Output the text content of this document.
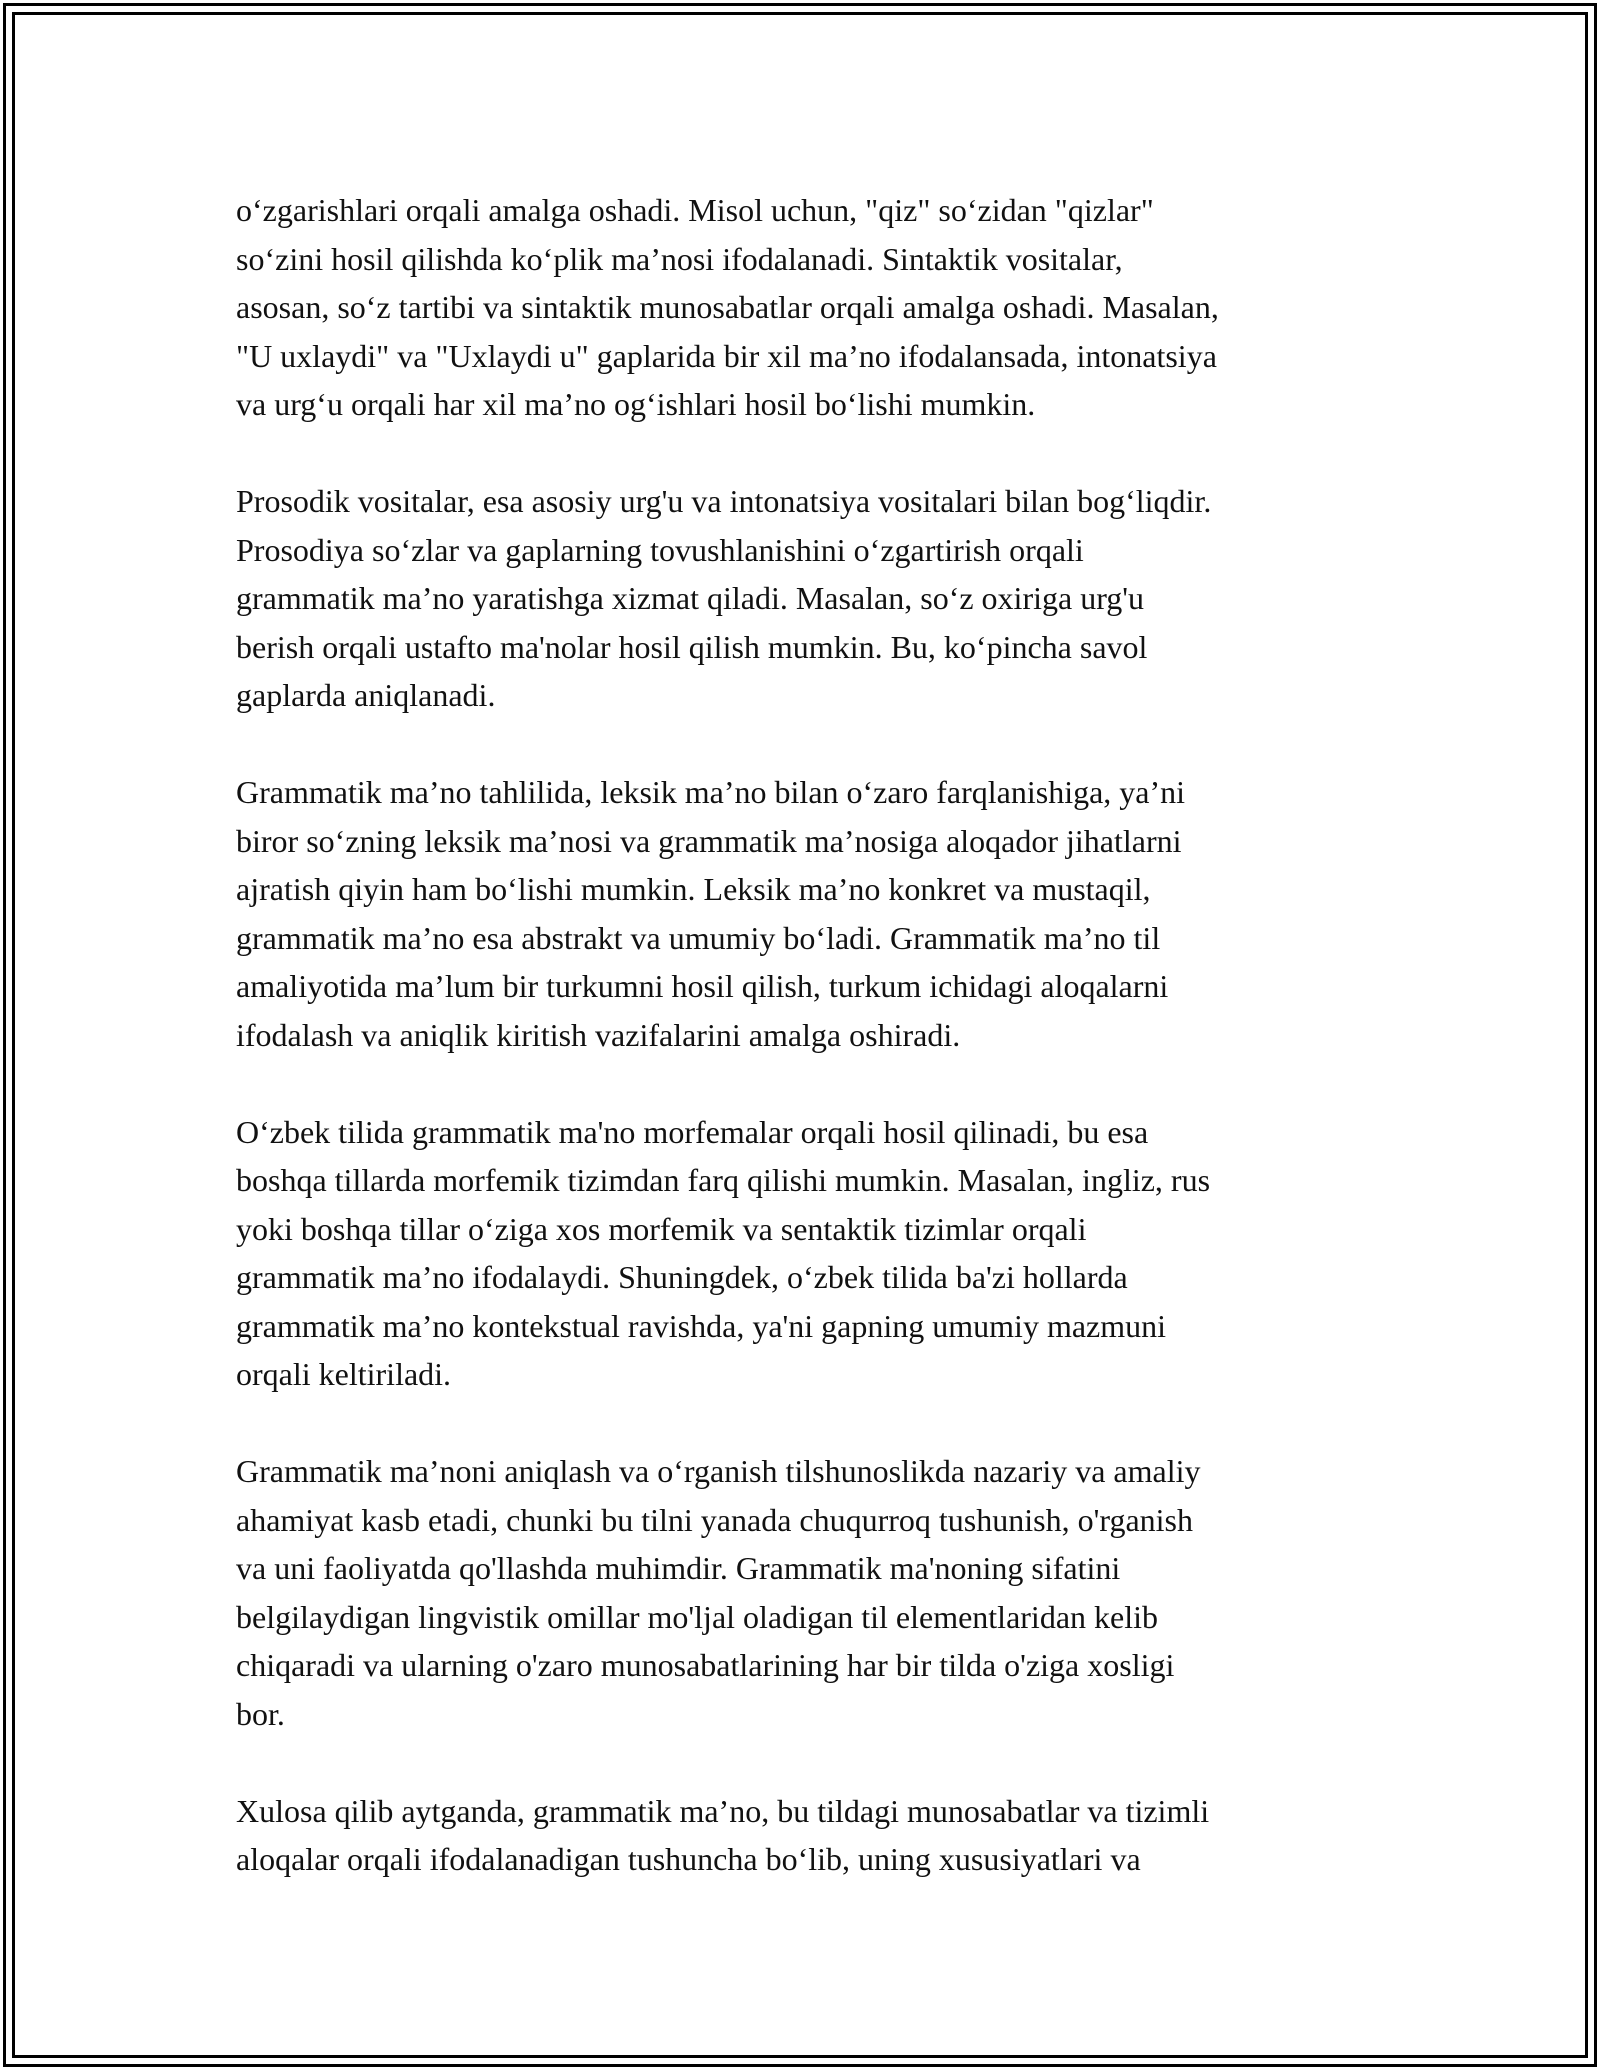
o‘zgarishlari orqali amalga oshadi. Misol uchun, "qiz" so‘zidan "qizlar"
so‘zini hosil qilishda ko‘plik ma’nosi ifodalanadi. Sintaktik vositalar,
asosan, so‘z tartibi va sintaktik munosabatlar orqali amalga oshadi. Masalan,
"U uxlaydi" va "Uxlaydi u" gaplarida bir xil ma’no ifodalansada, intonatsiya
va urg‘u orqali har xil ma’no og‘ishlari hosil bo‘lishi mumkin.

Prosodik vositalar, esa asosiy urg'u va intonatsiya vositalari bilan bog‘liqdir.
Prosodiya so‘zlar va gaplarning tovushlanishini o‘zgartirish orqali
grammatik ma’no yaratishga xizmat qiladi. Masalan, so‘z oxiriga urg'u
berish orqali ustafto ma'nolar hosil qilish mumkin. Bu, ko‘pincha savol
gaplarda aniqlanadi.

Grammatik ma’no tahlilida, leksik ma’no bilan o‘zaro farqlanishiga, ya’ni
biror so‘zning leksik ma’nosi va grammatik ma’nosiga aloqador jihatlarni
ajratish qiyin ham bo‘lishi mumkin. Leksik ma’no konkret va mustaqil,
grammatik ma’no esa abstrakt va umumiy bo‘ladi. Grammatik ma’no til
amaliyotida ma’lum bir turkumni hosil qilish, turkum ichidagi aloqalarni
ifodalash va aniqlik kiritish vazifalarini amalga oshiradi.

O‘zbek tilida grammatik ma'no morfemalar orqali hosil qilinadi, bu esa
boshqa tillarda morfemik tizimdan farq qilishi mumkin. Masalan, ingliz, rus
yoki boshqa tillar o‘ziga xos morfemik va sentaktik tizimlar orqali
grammatik ma’no ifodalaydi. Shuningdek, o‘zbek tilida ba'zi hollarda
grammatik ma’no kontekstual ravishda, ya'ni gapning umumiy mazmuni
orqali keltiriladi.

Grammatik ma’noni aniqlash va o‘rganish tilshunoslikda nazariy va amaliy
ahamiyat kasb etadi, chunki bu tilni yanada chuqurroq tushunish, o'rganish
va uni faoliyatda qo'llashda muhimdir. Grammatik ma'noning sifatini
belgilaydigan lingvistik omillar mo'ljal oladigan til elementlaridan kelib
chiqaradi va ularning o'zaro munosabatlarining har bir tilda o'ziga xosligi
bor.

Xulosa qilib aytganda, grammatik ma’no, bu tildagi munosabatlar va tizimli
aloqalar orqali ifodalanadigan tushuncha bo‘lib, uning xususiyatlari va
